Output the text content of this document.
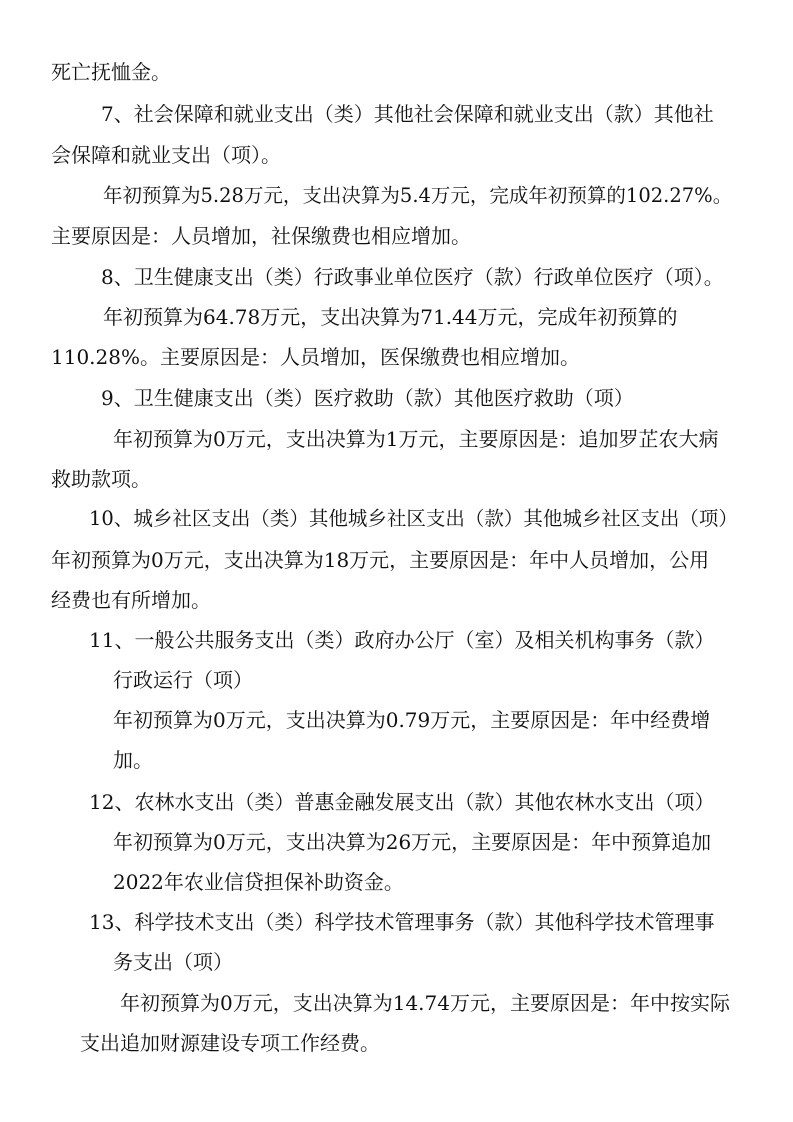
死亡抚恤金。
7、社会保障和就业支出（类）其他社会保障和就业支出（款）其他社
会保障和就业支出（项）。
年初预算为5.28万元，支出决算为5.4万元，完成年初预算的102.27%。
主要原因是：人员增加，社保缴费也相应增加。
8、卫生健康支出（类）行政事业单位医疗（款）行政单位医疗（项）。
年初预算为64.78万元，支出决算为71.44万元，完成年初预算的
110.28%。主要原因是：人员增加，医保缴费也相应增加。
9、卫生健康支出（类）医疗救助（款）其他医疗救助（项）
年初预算为0万元，支出决算为1万元，主要原因是：追加罗芷农大病
救助款项。
10、城乡社区支出（类）其他城乡社区支出（款）其他城乡社区支出（项）
年初预算为0万元，支出决算为18万元，主要原因是：年中人员增加，公用
经费也有所增加。
11、一般公共服务支出（类）政府办公厅（室）及相关机构事务（款）
行政运行（项）
年初预算为0万元，支出决算为0.79万元，主要原因是：年中经费增
加。
12、农林水支出（类）普惠金融发展支出（款）其他农林水支出（项）
年初预算为0万元，支出决算为26万元，主要原因是：年中预算追加
2022年农业信贷担保补助资金。
13、科学技术支出（类）科学技术管理事务（款）其他科学技术管理事
务支出（项）
年初预算为0万元，支出决算为14.74万元，主要原因是：年中按实际
支出追加财源建设专项工作经费。
